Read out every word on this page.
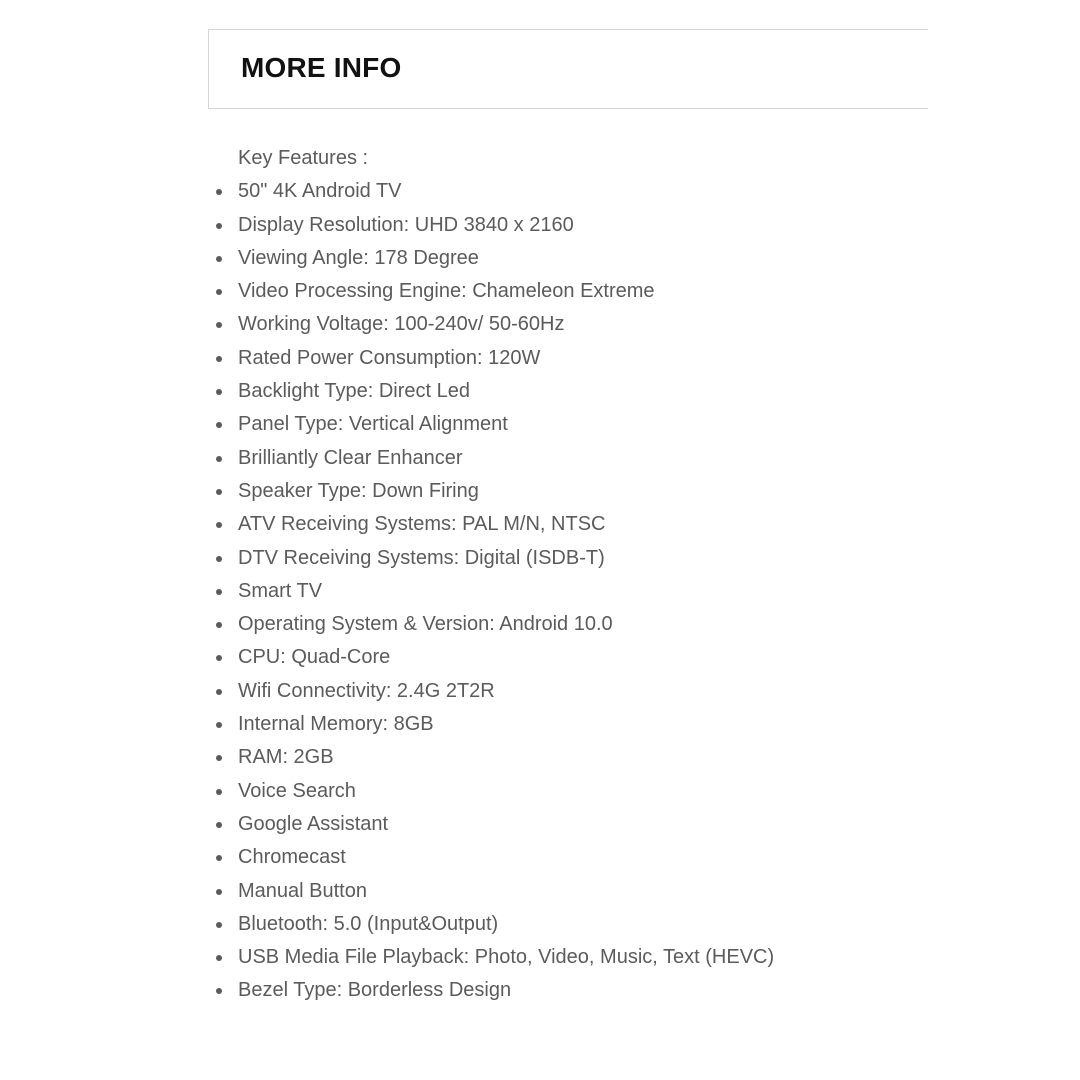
MORE INFO

Key Features :

50" 4K Android TV
Display Resolution: UHD 3840 x 2160
Viewing Angle: 178 Degree
Video Processing Engine: Chameleon Extreme
Working Voltage: 100-240v/ 50-60Hz
Rated Power Consumption: 120W
Backlight Type: Direct Led
Panel Type: Vertical Alignment
Brilliantly Clear Enhancer
Speaker Type: Down Firing
ATV Receiving Systems: PAL M/N, NTSC
DTV Receiving Systems: Digital (ISDB-T)
Smart TV
Operating System & Version: Android 10.0
CPU: Quad-Core
Wifi Connectivity: 2.4G 2T2R
Internal Memory: 8GB
RAM: 2GB
Voice Search
Google Assistant
Chromecast
Manual Button
Bluetooth: 5.0 (Input&Output)
USB Media File Playback: Photo, Video, Music, Text (HEVC)
Bezel Type: Borderless Design
